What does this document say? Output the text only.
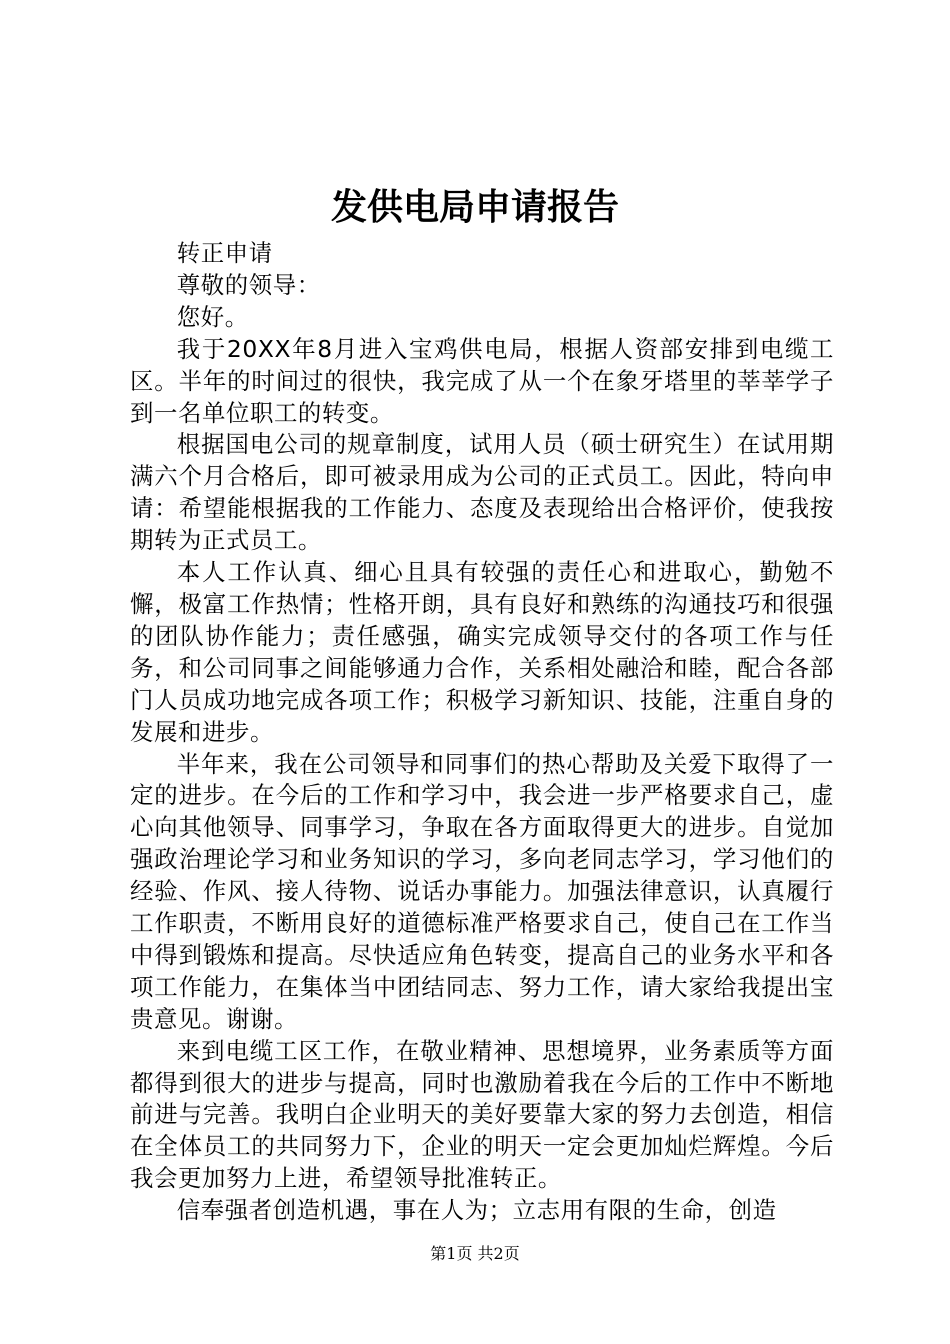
发供电局申请报告

转正申请

尊敬的领导：

您好。

我于20XX年8月进入宝鸡供电局，根据人资部安排到电缆工区。半年的时间过的很快，我完成了从一个在象牙塔里的莘莘学子到一名单位职工的转变。

根据国电公司的规章制度，试用人员（硕士研究生）在试用期满六个月合格后，即可被录用成为公司的正式员工。因此，特向申请：希望能根据我的工作能力、态度及表现给出合格评价，使我按期转为正式员工。

本人工作认真、细心且具有较强的责任心和进取心，勤勉不懈，极富工作热情；性格开朗，具有良好和熟练的沟通技巧和很强的团队协作能力；责任感强，确实完成领导交付的各项工作与任务，和公司同事之间能够通力合作，关系相处融洽和睦，配合各部门人员成功地完成各项工作；积极学习新知识、技能，注重自身的发展和进步。

半年来，我在公司领导和同事们的热心帮助及关爱下取得了一定的进步。在今后的工作和学习中，我会进一步严格要求自己，虚心向其他领导、同事学习，争取在各方面取得更大的进步。自觉加强政治理论学习和业务知识的学习，多向老同志学习，学习他们的经验、作风、接人待物、说话办事能力。加强法律意识，认真履行工作职责，不断用良好的道德标准严格要求自己，使自己在工作当中得到锻炼和提高。尽快适应角色转变，提高自己的业务水平和各项工作能力，在集体当中团结同志、努力工作，请大家给我提出宝贵意见。谢谢。

来到电缆工区工作，在敬业精神、思想境界，业务素质等方面都得到很大的进步与提高，同时也激励着我在今后的工作中不断地前进与完善。我明白企业明天的美好要靠大家的努力去创造，相信在全体员工的共同努力下，企业的明天一定会更加灿烂辉煌。今后我会更加努力上进，希望领导批准转正。

信奉强者创造机遇，事在人为；立志用有限的生命，创造

第1页 共2页
